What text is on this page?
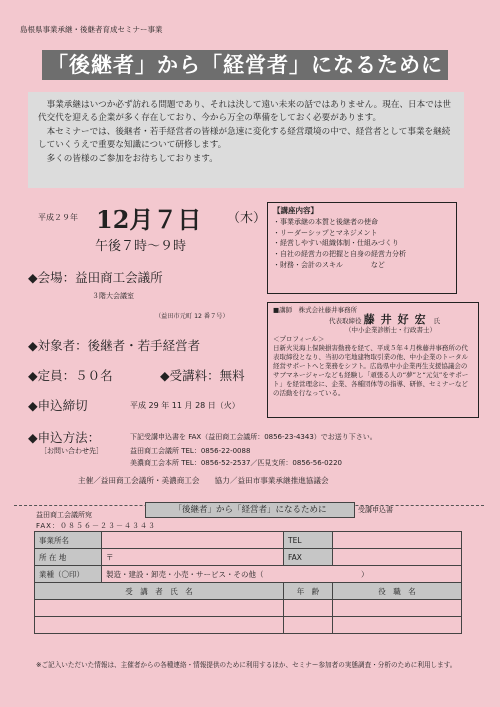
島根県事業承継・後継者育成セミナー事業
「後継者」から「経営者」になるために

　事業承継はいつか必ず訪れる問題であり、それは決して遠い未来の話ではありません。現在、日本では世代交代を迎える企業が多く存在しており、今から万全の準備をしておく必要があります。

　本セミナーでは、後継者・若手経営者の皆様が急速に変化する経営環境の中で、経営者として事業を継続していくうえで重要な知識について研修します。

　多くの皆様のご参加をお待ちしております。

平成２９年 12月７日 （木）
午後７時〜９時
◆会場：益田商工会議所
３階大会議室
（益田市元町 12 番７号）
◆対象者：後継者・若手経営者
◆定員：５０名	◆受講料：無料
◆申込締切	平成 29 年 11 月 28 日（火）
◆申込方法：	下記受講申込書を FAX（益田商工会議所：0856-23-4343）でお送り下さい。
［お問い合わせ先］	益田商工会議所 TEL：0856-22-0088
美濃商工会本所 TEL：0856-52-2537／匹見支所：0856-56-0220
主催／益田商工会議所・美濃商工会　　協力／益田市事業承継推進協議会
【講座内容】
・事業承継の本質と後継者の使命
・リーダーシップとマネジメント
・経営しやすい組織体制・仕組みづくり
・自社の経営力の把握と自身の経営力分析
・財務・会計のスキル　　　　など
■講師　株式会社藤井事務所
代表取締役 藤井好宏 氏
（中小企業診断士・行政書士）
＜プロフィール＞
日新火災海上保険損害勤務を経て、平成５年４月株藤井事務所の代表取締役となり、当初の宅地建物取引業の他、中小企業のトータル経営サポートへと業務をシフト。広島県中小企業再生支援協議会のサブマネージャーなども経験し「頑張る人の“夢”と“元気”をサポート」を経営理念に、企業、各種団体等の指導、研修、セミナーなどの活動を行なっている。
益田商工会議所宛
FAX：０８５６－２３－４３４３
「後継者」から「経営者」になるために	受講申込書
事業所名		TEL	
所 在 地	〒	FAX	
業種（〇印）	製造・建設・卸売・小売・サービス・その他（　　　　　　　　　　　　　）		
受　講　者　氏　名		年　齢	役　職　名

※ご記入いただいた情報は、主催者からの各種連絡・情報提供のために利用するほか、セミナー参加者の実態調査・分析のために利用します。
